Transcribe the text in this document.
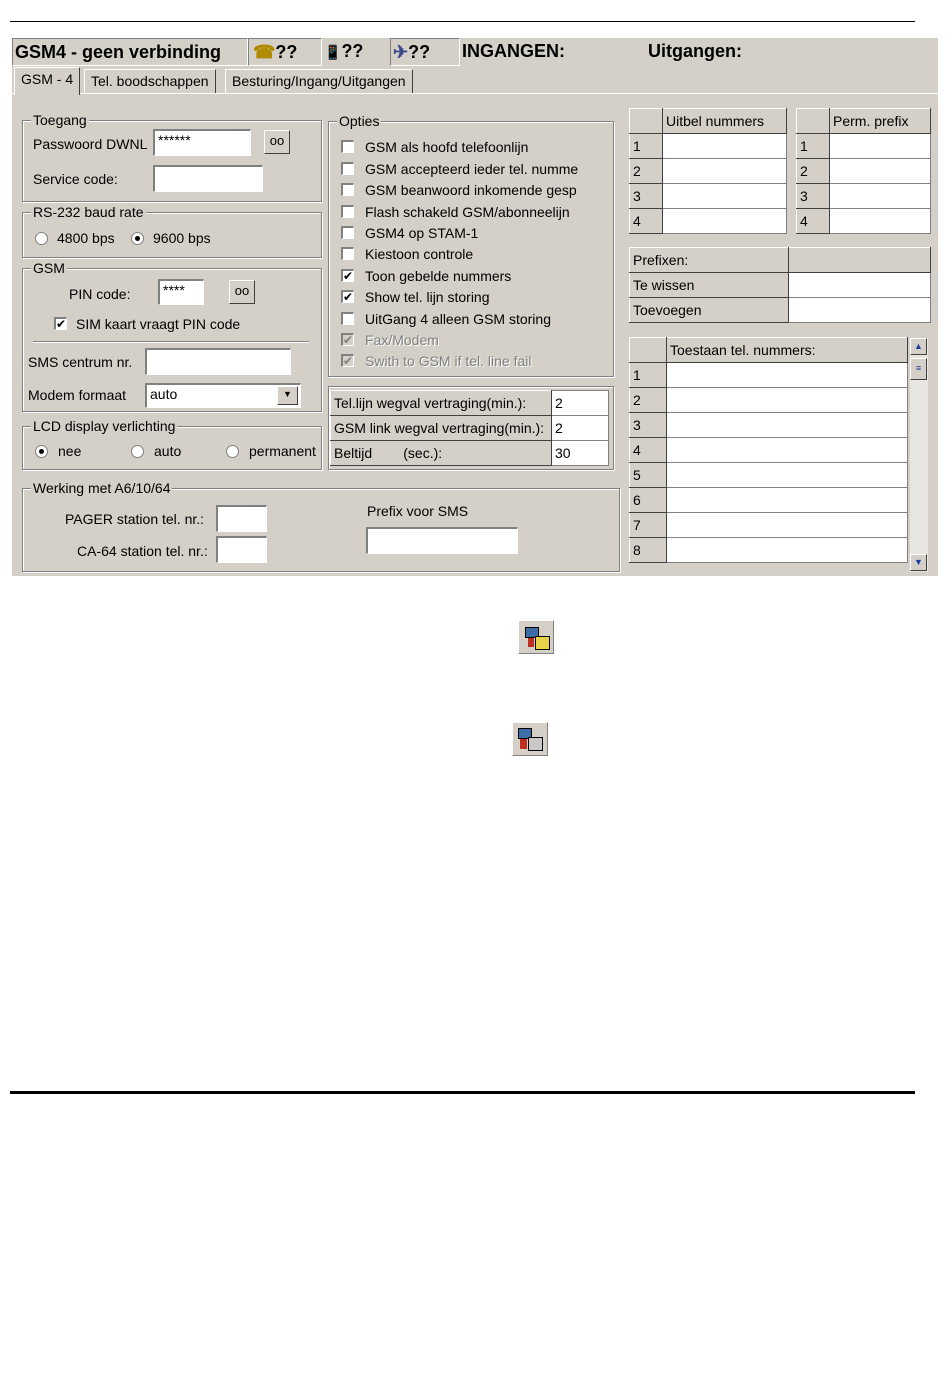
GSM4 - geen verbinding	☎??	📱??	✈??	INGANGEN:	Uitgangen:
GSM - 4	Tel. boodschappen	Besturing/Ingang/Uitgangen
Toegang
Passwoord DWNL ******	oo
Service code:
RS-232 baud rate
4800 bps	9600 bps
GSM
PIN code:	****	oo
✔ SIM kaart vraagt PIN code
SMS centrum nr.
Modem formaat	auto	▼
LCD display verlichting
nee	auto	permanent
Werking met A6/10/64
PAGER station tel. nr.:
CA-64 station tel. nr.:
Prefix voor SMS
Opties
GSM als hoofd telefoonlijn
GSM accepteerd ieder tel. numme
GSM beanwoord inkomende gesp
Flash schakeld GSM/abonneelijn
GSM4 op STAM-1
Kiestoon controle
✔ Toon gebelde nummers
✔ Show tel. lijn storing
UitGang 4 alleen GSM storing
✔ Fax/Modem
✔ Swith to GSM if tel. line fail
Tel.lijn wegval vertraging(min.):	2
GSM link wegval vertraging(min.):	2
Beltijd        (sec.):	30
	Uitbel nummers
1	
2	
3	
4	
	Perm. prefix
1	
2	
3	
4	
Prefixen:	
Te wissen	
Toevoegen	
	Toestaan tel. nummers:
1	
2	
3	
4	
5	
6	
7	
8	
▲
≡
▼
